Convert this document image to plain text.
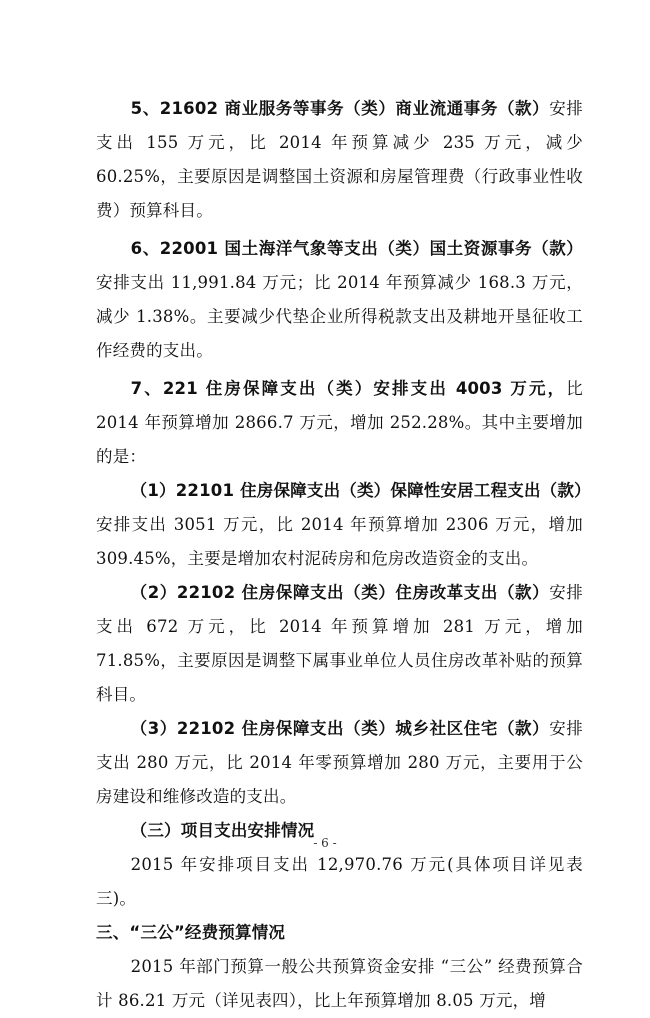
5、21602 商业服务等事务（类）商业流通事务（款）安排支出 155 万元，比 2014 年预算减少 235 万元，减少 60.25%，主要原因是调整国土资源和房屋管理费（行政事业性收费）预算科目。

6、22001 国土海洋气象等支出（类）国土资源事务（款）安排支出 11,991.84 万元；比 2014 年预算减少 168.3 万元，减少 1.38%。主要减少代垫企业所得税款支出及耕地开垦征收工作经费的支出。

7、221 住房保障支出（类）安排支出 4003 万元，比 2014 年预算增加 2866.7 万元，增加 252.28%。其中主要增加的是：

（1）22101 住房保障支出（类）保障性安居工程支出（款）安排支出 3051 万元，比 2014 年预算增加 2306 万元，增加 309.45%，主要是增加农村泥砖房和危房改造资金的支出。

（2）22102 住房保障支出（类）住房改革支出（款）安排支出 672 万元，比 2014 年预算增加 281 万元，增加 71.85%，主要原因是调整下属事业单位人员住房改革补贴的预算科目。

（3）22102 住房保障支出（类）城乡社区住宅（款）安排支出 280 万元，比 2014 年零预算增加 280 万元，主要用于公房建设和维修改造的支出。

（三）项目支出安排情况

2015 年安排项目支出 12,970.76 万元(具体项目详见表三)。

三、“三公”经费预算情况

2015 年部门预算一般公共预算资金安排 “三公” 经费预算合计 86.21 万元（详见表四），比上年预算增加 8.05 万元，增

- 6 -
